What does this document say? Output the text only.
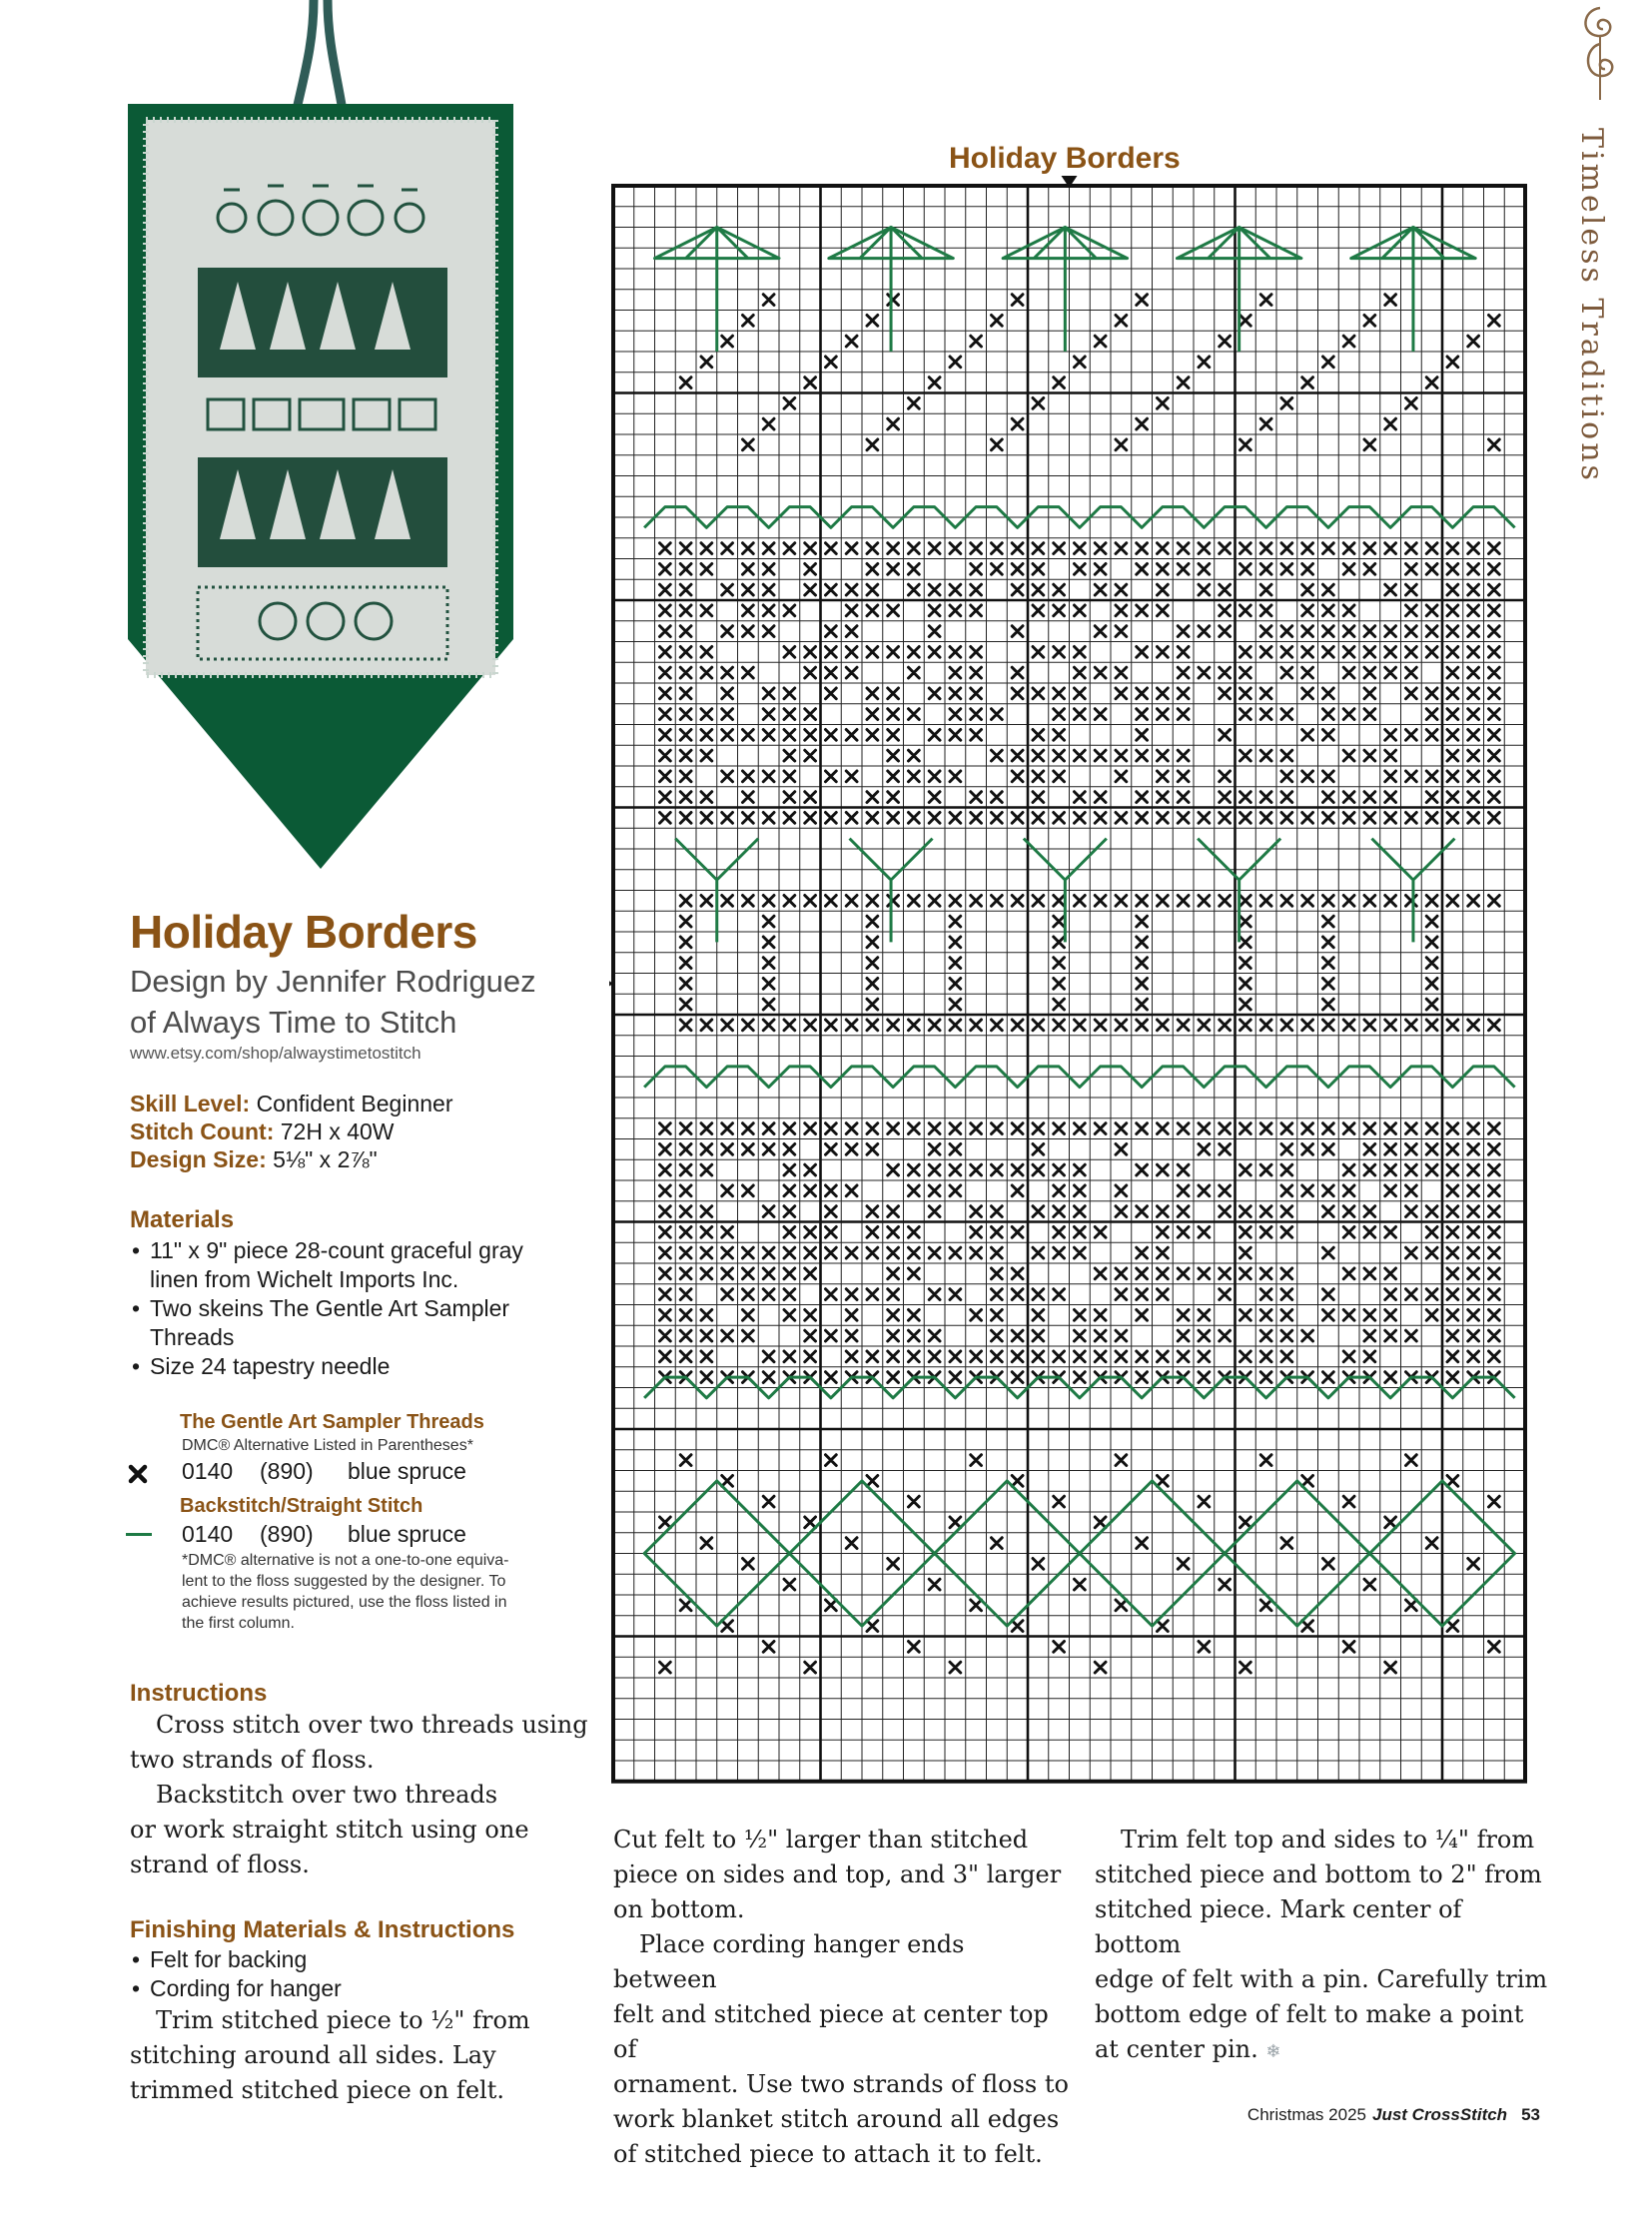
Timeless Traditions
Holiday Borders
Design by Jennifer Rodriguez
of Always Time to Stitch
www.etsy.com/shop/alwaystimetostitch
Skill Level: Confident Beginner
Stitch Count: 72H x 40W
Design Size: 5⅛" x 2⅞"
Materials
• 11" x 9" piece 28-count graceful gray linen from Wichelt Imports Inc.
• Two skeins The Gentle Art Sampler Threads
• Size 24 tapestry needle
The Gentle Art Sampler Threads
DMC® Alternative Listed in Parentheses*
0140 (890) blue spruce
Backstitch/Straight Stitch
0140 (890) blue spruce
*DMC® alternative is not a one-to-one equiva-
lent to the floss suggested by the designer. To
achieve results pictured, use the floss listed in
the first column.
Instructions

Cross stitch over two threads using

two strands of floss.

Backstitch over two threads

or work straight stitch using one

strand of floss.

Finishing Materials & Instructions
• Felt for backing
• Cording for hanger

Trim stitched piece to ½" from

stitching around all sides. Lay

trimmed stitched piece on felt.

Holiday Borders

Cut felt to ½" larger than stitched

piece on sides and top, and 3" larger

on bottom.

Place cording hanger ends between

felt and stitched piece at center top of

ornament. Use two strands of floss to

work blanket stitch around all edges

of stitched piece to attach it to felt.

Trim felt top and sides to ¼" from

stitched piece and bottom to 2" from

stitched piece. Mark center of bottom

edge of felt with a pin. Carefully trim

bottom edge of felt to make a point

at center pin. ❄

Christmas 2025 Just CrossStitch 53
